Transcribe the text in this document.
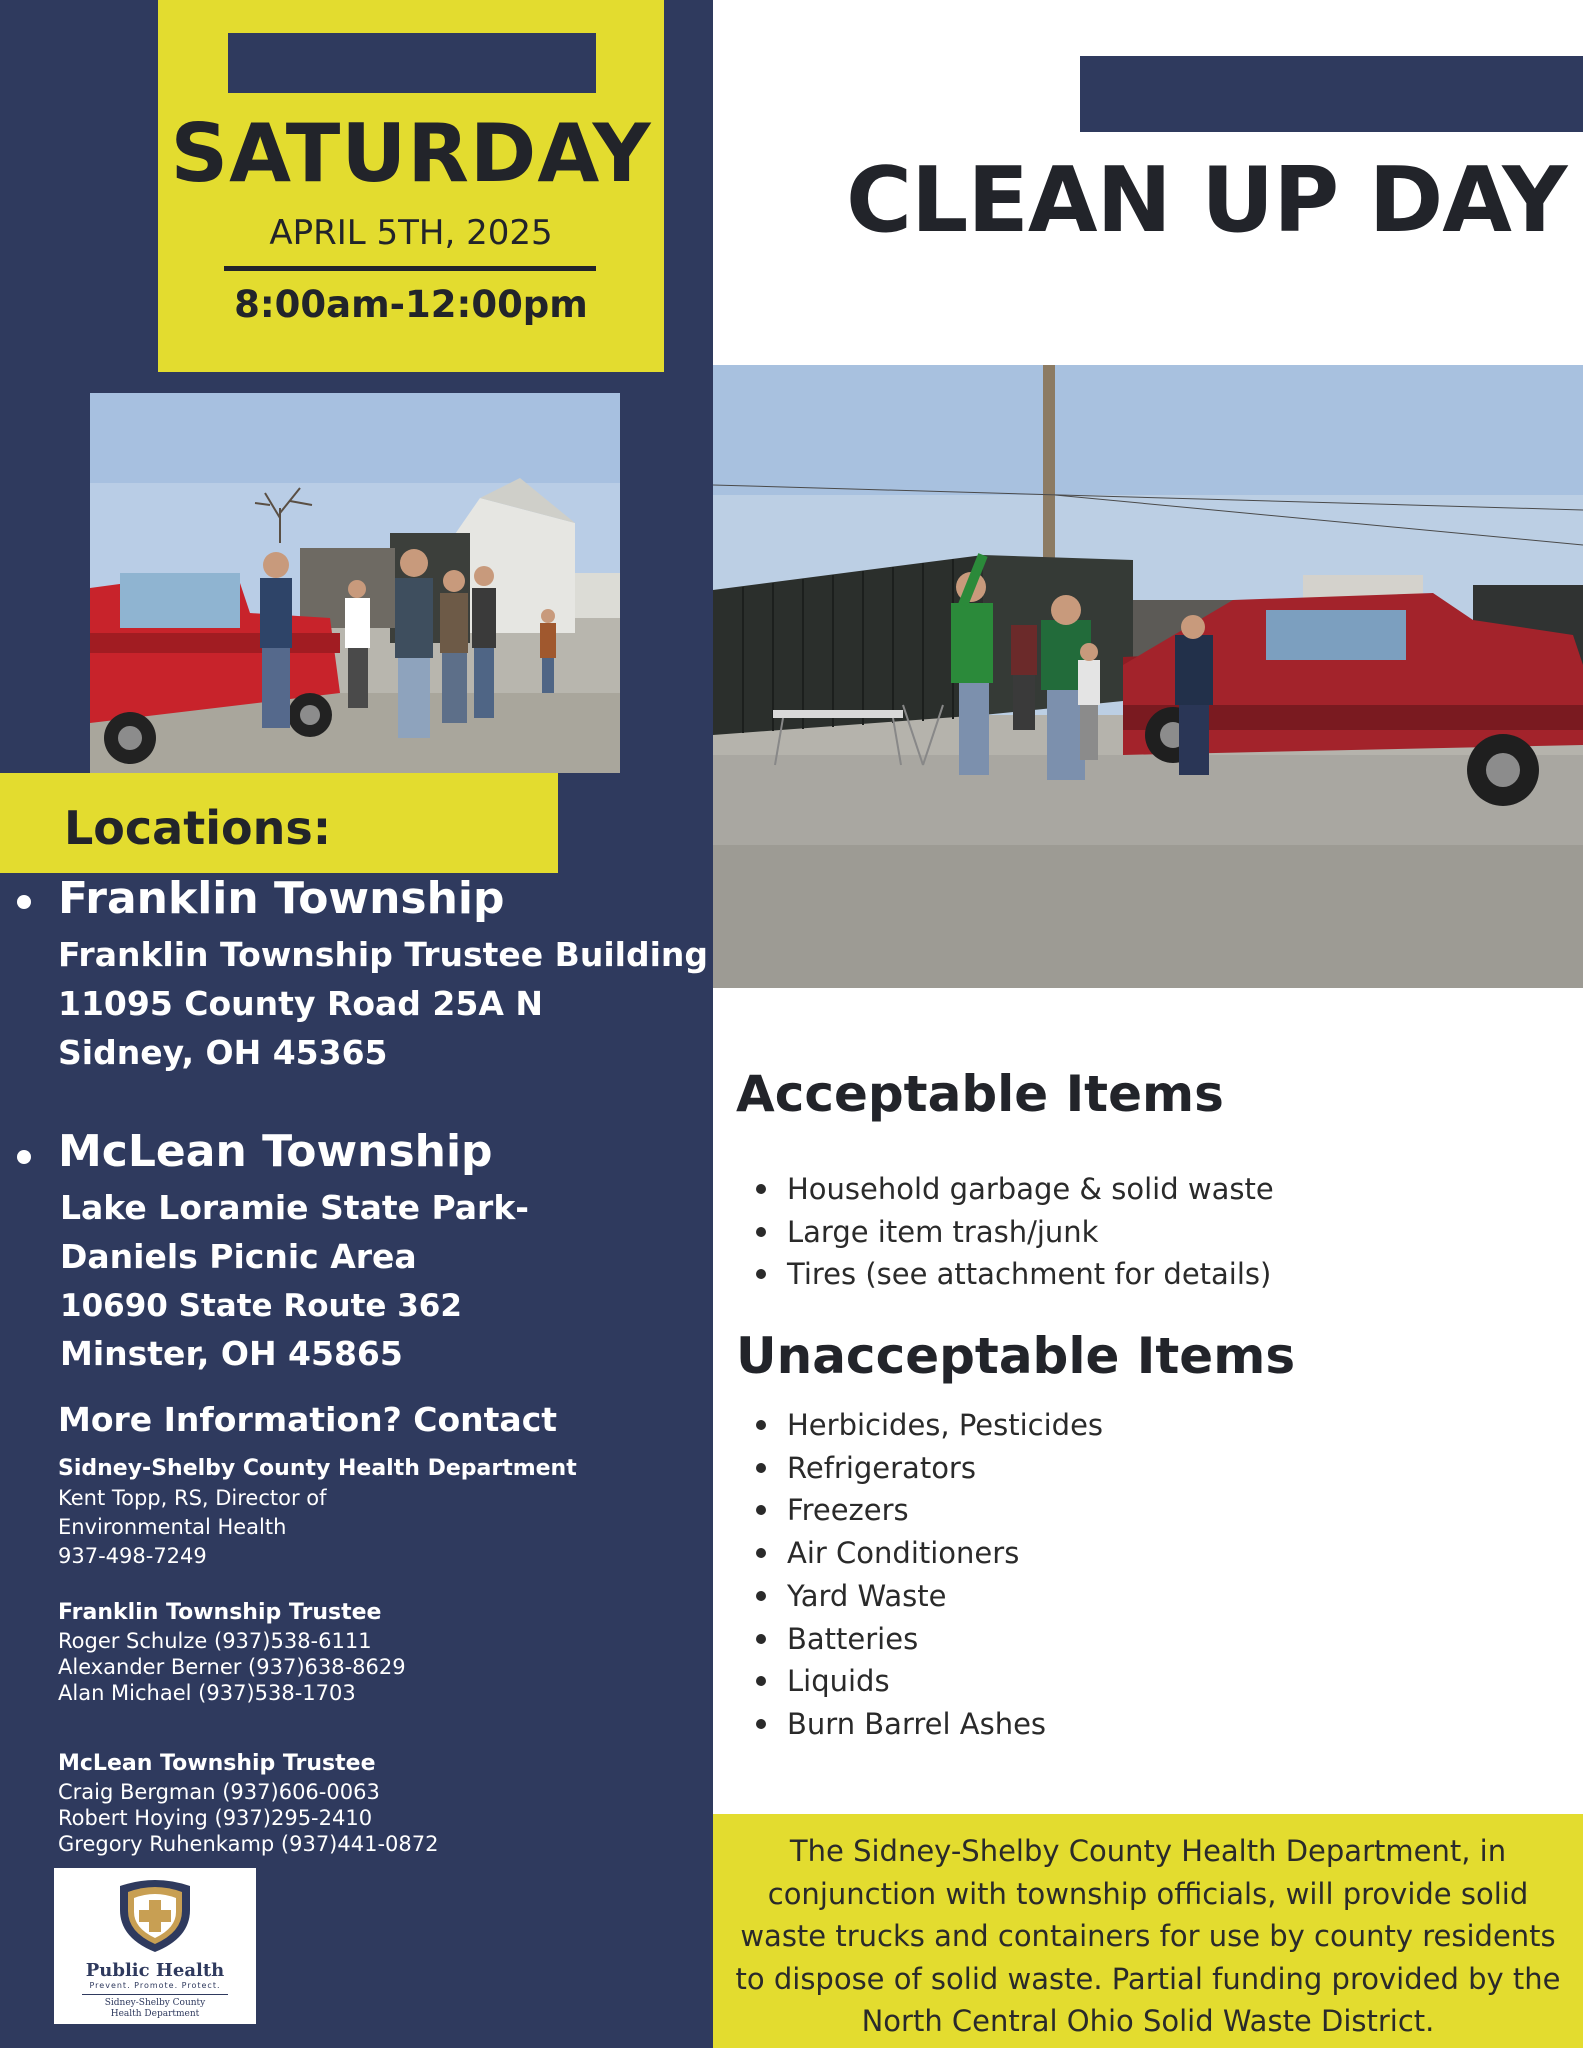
SATURDAY
APRIL 5TH, 2025
8:00am-12:00pm
Locations:
Franklin Township
Franklin Township Trustee Building
11095 County Road 25A N
Sidney, OH 45365
McLean Township
Lake Loramie State Park-
Daniels Picnic Area
10690 State Route 362
Minster, OH 45865
More Information? Contact
Sidney-Shelby County Health Department
Kent Topp, RS, Director of
Environmental Health
937-498-7249
Franklin Township Trustee
Roger Schulze (937)538-6111
Alexander Berner (937)638-8629
Alan Michael (937)538-1703
McLean Township Trustee
Craig Bergman (937)606-0063
Robert Hoying (937)295-2410
Gregory Ruhenkamp (937)441-0872
Public Health
Prevent. Promote. Protect.
Sidney-Shelby County
Health Department
CLEAN UP DAY
Acceptable Items
Household garbage & solid waste
Large item trash/junk
Tires (see attachment for details)
Unacceptable Items
Herbicides, Pesticides
Refrigerators
Freezers
Air Conditioners
Yard Waste
Batteries
Liquids
Burn Barrel Ashes

The Sidney-Shelby County Health Department, in
conjunction with township officials, will provide solid
waste trucks and containers for use by county residents
to dispose of solid waste. Partial funding provided by the
North Central Ohio Solid Waste District.
